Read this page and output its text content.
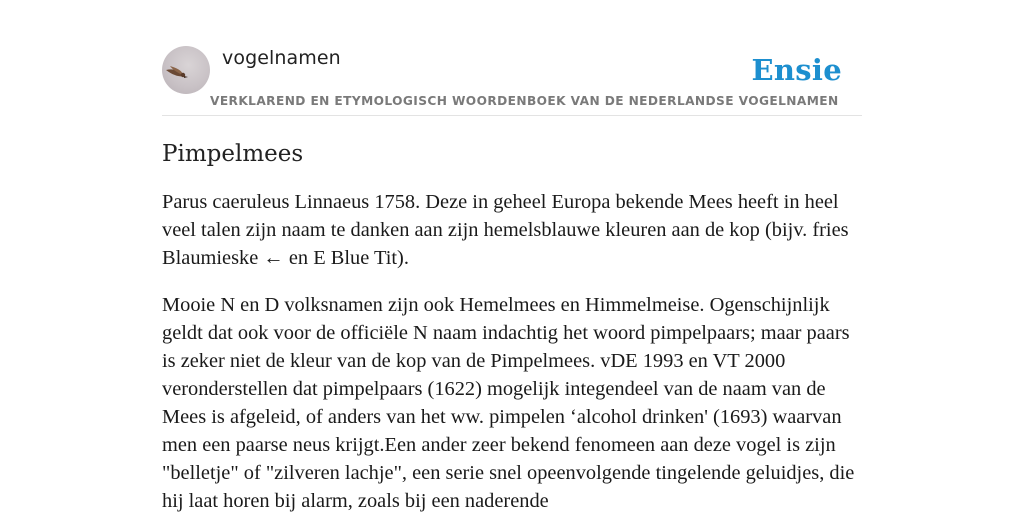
vogelnamen
VERKLAREND EN ETYMOLOGISCH WOORDENBOEK VAN DE NEDERLANDSE VOGELNAMEN
Ensie
Pimpelmees

Parus caeruleus Linnaeus 1758. Deze in geheel Europa bekende Mees heeft in heel veel talen zijn naam te danken aan zijn hemelsblauwe kleuren aan de kop (bijv. fries Blaumieske ← en E Blue Tit).

Mooie N en D volksnamen zijn ook Hemelmees en Himmelmeise. Ogenschijnlijk geldt dat ook voor de officiële N naam indachtig het woord pimpelpaars; maar paars is zeker niet de kleur van de kop van de Pimpelmees. vDE 1993 en VT 2000 veronderstellen dat pimpelpaars (1622) mogelijk integendeel van de naam van de Mees is afgeleid, of anders van het ww. pimpelen ‘alcohol drinken' (1693) waarvan men een paarse neus krijgt.Een ander zeer bekend fenomeen aan deze vogel is zijn "belletje" of "zilveren lachje", een serie snel opeenvolgende tingelende geluidjes, die hij laat horen bij alarm, zoals bij een naderende
